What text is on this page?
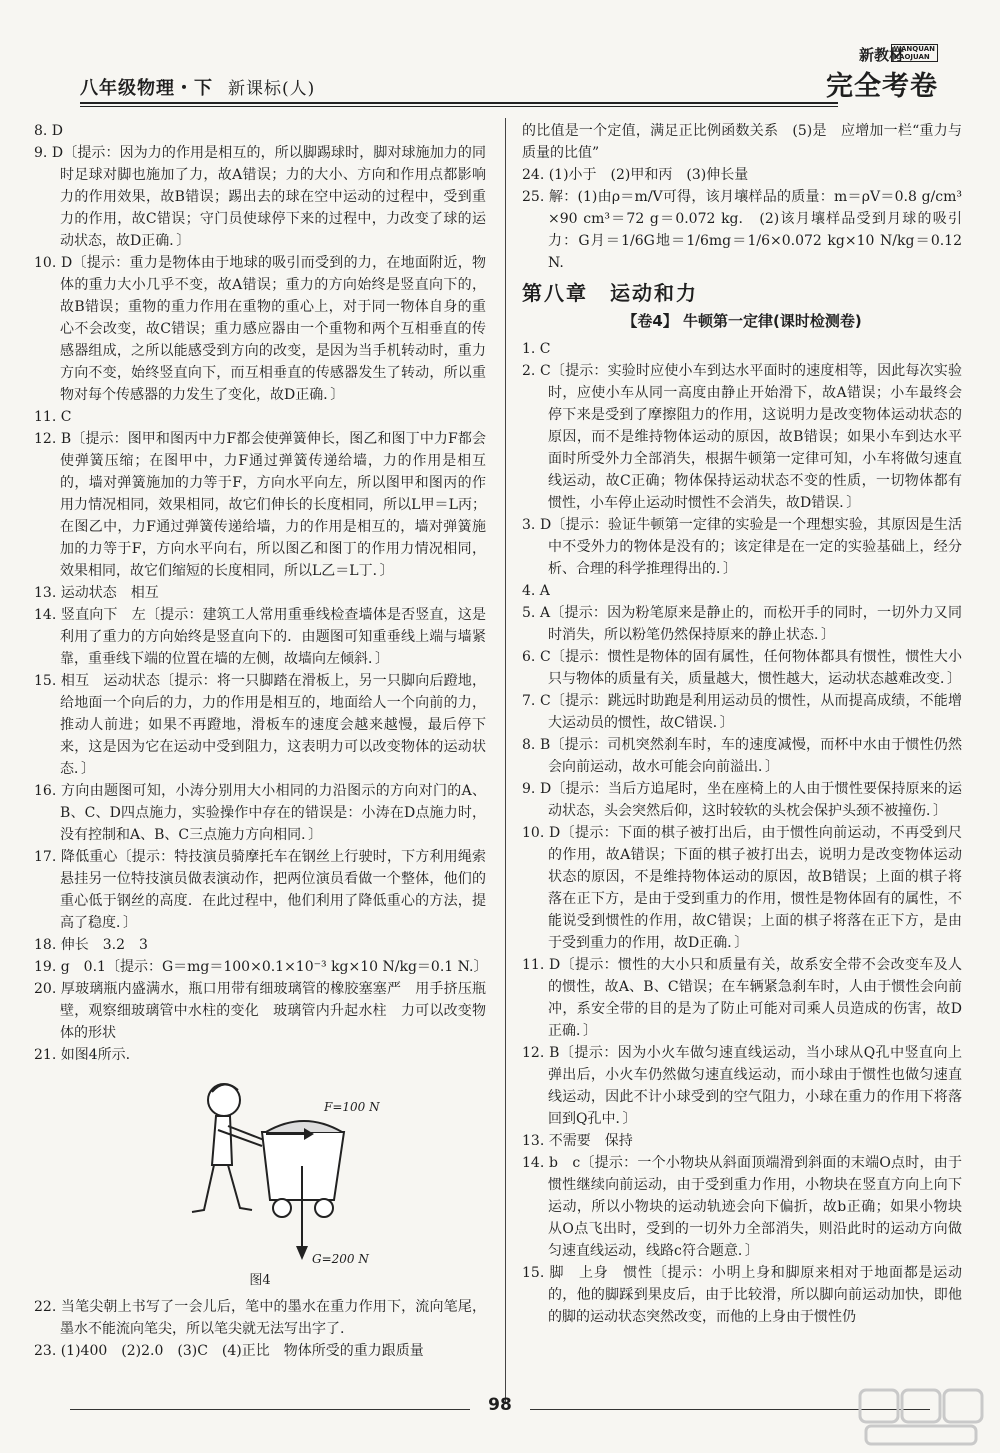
八年级物理・下 新课标(人)
新教材
WANQUAN
KAOJUAN
完全考卷

8. D

9. D〔提示：因为力的作用是相互的，所以脚踢球时，脚对球施加力的同时足球对脚也施加了力，故A错误；力的大小、方向和作用点都影响力的作用效果，故B错误；踢出去的球在空中运动的过程中，受到重力的作用，故C错误；守门员使球停下来的过程中，力改变了球的运动状态，故D正确．〕

10. D〔提示：重力是物体由于地球的吸引而受到的力，在地面附近，物体的重力大小几乎不变，故A错误；重力的方向始终是竖直向下的，故B错误；重物的重力作用在重物的重心上，对于同一物体自身的重心不会改变，故C错误；重力感应器由一个重物和两个互相垂直的传感器组成，之所以能感受到方向的改变，是因为当手机转动时，重力方向不变，始终竖直向下，而互相垂直的传感器发生了转动，所以重物对每个传感器的力发生了变化，故D正确．〕

11. C

12. B〔提示：图甲和图丙中力F都会使弹簧伸长，图乙和图丁中力F都会使弹簧压缩；在图甲中，力F通过弹簧传递给墙，力的作用是相互的，墙对弹簧施加的力等于F，方向水平向左，所以图甲和图丙的作用力情况相同，效果相同，故它们伸长的长度相同，所以L甲＝L丙；在图乙中，力F通过弹簧传递给墙，力的作用是相互的，墙对弹簧施加的力等于F，方向水平向右，所以图乙和图丁的作用力情况相同，效果相同，故它们缩短的长度相同，所以L乙＝L丁．〕

13. 运动状态　相互

14. 竖直向下　左〔提示：建筑工人常用重垂线检查墙体是否竖直，这是利用了重力的方向始终是竖直向下的．由题图可知重垂线上端与墙紧靠，重垂线下端的位置在墙的左侧，故墙向左倾斜．〕

15. 相互　运动状态〔提示：将一只脚踏在滑板上，另一只脚向后蹬地，给地面一个向后的力，力的作用是相互的，地面给人一个向前的力，推动人前进；如果不再蹬地，滑板车的速度会越来越慢，最后停下来，这是因为它在运动中受到阻力，这表明力可以改变物体的运动状态．〕

16. 方向由题图可知，小涛分别用大小相同的力沿图示的方向对门的A、B、C、D四点施力，实验操作中存在的错误是：小涛在D点施力时，没有控制和A、B、C三点施力方向相同．〕

17. 降低重心〔提示：特技演员骑摩托车在钢丝上行驶时，下方利用绳索悬挂另一位特技演员做表演动作，把两位演员看做一个整体，他们的重心低于钢丝的高度．在此过程中，他们利用了降低重心的方法，提高了稳度．〕

18. 伸长　3.2　3

19. g　0.1〔提示：G＝mg＝100×0.1×10⁻³ kg×10 N/kg＝0.1 N.〕

20. 厚玻璃瓶内盛满水，瓶口用带有细玻璃管的橡胶塞塞严　用手挤压瓶壁，观察细玻璃管中水柱的变化　玻璃管内升起水柱　力可以改变物体的形状

21. 如图4所示.

F=100 N
G=200 N
图4

22. 当笔尖朝上书写了一会儿后，笔中的墨水在重力作用下，流向笔尾，墨水不能流向笔尖，所以笔尖就无法写出字了.

23. (1)400　(2)2.0　(3)C　(4)正比　物体所受的重力跟质量

的比值是一个定值，满足正比例函数关系　(5)是　应增加一栏“重力与质量的比值”

24. (1)小于　(2)甲和丙　(3)伸长量

25. 解：(1)由ρ＝m/V可得，该月壤样品的质量：m＝ρV＝0.8 g/cm³×90 cm³＝72 g＝0.072 kg.　(2)该月壤样品受到月球的吸引力：G月＝1/6G地＝1/6mg＝1/6×0.072 kg×10 N/kg＝0.12 N.

第八章　运动和力
【卷4】 牛顿第一定律(课时检测卷)

1. C

2. C〔提示：实验时应使小车到达水平面时的速度相等，因此每次实验时，应使小车从同一高度由静止开始滑下，故A错误；小车最终会停下来是受到了摩擦阻力的作用，这说明力是改变物体运动状态的原因，而不是维持物体运动的原因，故B错误；如果小车到达水平面时所受外力全部消失，根据牛顿第一定律可知，小车将做匀速直线运动，故C正确；物体保持运动状态不变的性质，一切物体都有惯性，小车停止运动时惯性不会消失，故D错误．〕

3. D〔提示：验证牛顿第一定律的实验是一个理想实验，其原因是生活中不受外力的物体是没有的；该定律是在一定的实验基础上，经分析、合理的科学推理得出的．〕

4. A

5. A〔提示：因为粉笔原来是静止的，而松开手的同时，一切外力又同时消失，所以粉笔仍然保持原来的静止状态．〕

6. C〔提示：惯性是物体的固有属性，任何物体都具有惯性，惯性大小只与物体的质量有关，质量越大，惯性越大，运动状态越难改变．〕

7. C〔提示：跳远时助跑是利用运动员的惯性，从而提高成绩，不能增大运动员的惯性，故C错误．〕

8. B〔提示：司机突然刹车时，车的速度减慢，而杯中水由于惯性仍然会向前运动，故水可能会向前溢出．〕

9. D〔提示：当后方追尾时，坐在座椅上的人由于惯性要保持原来的运动状态，头会突然后仰，这时较软的头枕会保护头颈不被撞伤．〕

10. D〔提示：下面的棋子被打出后，由于惯性向前运动，不再受到尺的作用，故A错误；下面的棋子被打出去，说明力是改变物体运动状态的原因，不是维持物体运动的原因，故B错误；上面的棋子将落在正下方，是由于受到重力的作用，惯性是物体固有的属性，不能说受到惯性的作用，故C错误；上面的棋子将落在正下方，是由于受到重力的作用，故D正确．〕

11. D〔提示：惯性的大小只和质量有关，故系安全带不会改变车及人的惯性，故A、B、C错误；在车辆紧急刹车时，人由于惯性会向前冲，系安全带的目的是为了防止可能对司乘人员造成的伤害，故D正确．〕

12. B〔提示：因为小火车做匀速直线运动，当小球从Q孔中竖直向上弹出后，小火车仍然做匀速直线运动，而小球由于惯性也做匀速直线运动，因此不计小球受到的空气阻力，小球在重力的作用下将落回到Q孔中．〕

13. 不需要　保持

14. b　c〔提示：一个小物块从斜面顶端滑到斜面的末端O点时，由于惯性继续向前运动，由于受到重力作用，小物块在竖直方向上向下运动，所以小物块的运动轨迹会向下偏折，故b正确；如果小物块从O点飞出时，受到的一切外力全部消失，则沿此时的运动方向做匀速直线运动，线路c符合题意．〕

15. 脚　上身　惯性〔提示：小明上身和脚原来相对于地面都是运动的，他的脚踩到果皮后，由于比较滑，所以脚向前运动加快，即他的脚的运动状态突然改变，而他的上身由于惯性仍

98
